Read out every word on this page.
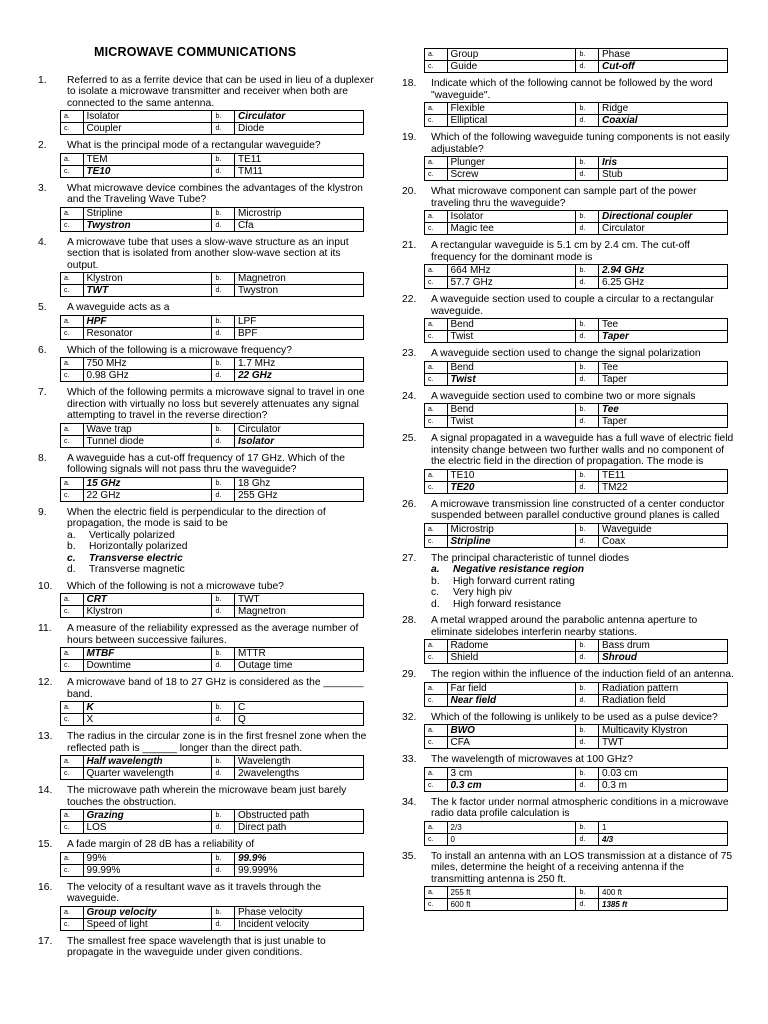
MICROWAVE COMMUNICATIONS
1.	Referred to as a ferrite device that can be used in lieu of a duplexer to isolate a microwave transmitter and receiver when both are connected to the same antenna.
a.	Isolator	b.	Circulator
c.	Coupler	d.	Diode
2.	What is the principal mode of a rectangular waveguide?
a.	TEM	b.	TE11
c.	TE10	d.	TM11
3.	What microwave device combines the advantages of the klystron and the Traveling Wave Tube?
a.	Stripline	b.	Microstrip
c.	Twystron	d.	Cfa
4.	A microwave tube that uses a slow-wave structure as an input section that is isolated from another slow-wave section at its output.
a.	Klystron	b.	Magnetron
c.	TWT	d.	Twystron
5.	A waveguide acts as a
a.	HPF	b.	LPF
c.	Resonator	d.	BPF
6.	Which of the following is a microwave frequency?
a.	750 MHz	b.	1.7 MHz
c.	0.98 GHz	d.	22 GHz
7.	Which of the following permits a microwave signal to travel in one direction with virtually no loss but severely attenuates any signal attempting to travel in the reverse direction?
a.	Wave trap	b.	Circulator
c.	Tunnel diode	d.	Isolator
8.	A waveguide has a cut-off frequency of 17 GHz. Which of the following signals will not pass thru the waveguide?
a.	15 GHz	b.	18 Ghz
c.	22 GHz	d.	255 GHz
9.	When the electric field is perpendicular to the direction of propagation, the mode is said to be
a.	Vertically polarized
b.	Horizontally polarized
c.	Transverse electric
d.	Transverse magnetic
10.	Which of the following is not a microwave tube?
a.	CRT	b.	TWT
c.	Klystron	d.	Magnetron
11.	A measure of the reliability expressed as the average number of hours between successive failures.
a.	MTBF	b.	MTTR
c.	Downtime	d.	Outage time
12.	A microwave band of 18 to 27 GHz is considered as the _______ band.
a.	K	b.	C
c.	X	d.	Q
13.	The radius in the circular zone is in the first fresnel zone when the reflected path is ______ longer than the direct path.
a.	Half wavelength	b.	Wavelength
c.	Quarter wavelength	d.	2wavelengths
14.	The microwave path wherein the microwave beam just barely touches the obstruction.
a.	Grazing	b.	Obstructed path
c.	LOS	d.	Direct path
15.	A fade margin of 28 dB has a reliability of
a.	99%	b.	99.9%
c.	99.99%	d.	99.999%
16.	The velocity of a resultant wave as it travels through the waveguide.
a.	Group velocity	b.	Phase velocity
c.	Speed of light	d.	Incident velocity
17.	The smallest free space wavelength that is just unable to propagate in the waveguide under given conditions.
a.	Group	b.	Phase
c.	Guide	d.	Cut-off
18.	Indicate which of the following cannot be followed by the word "waveguide".
a.	Flexible	b.	Ridge
c.	Elliptical	d.	Coaxial
19.	Which of the following waveguide tuning components is not easily adjustable?
a.	Plunger	b.	Iris
c.	Screw	d.	Stub
20.	What microwave component can sample part of the power traveling thru the waveguide?
a.	Isolator	b.	Directional coupler
c.	Magic tee	d.	Circulator
21.	A rectangular waveguide is 5.1 cm by 2.4 cm. The cut-off frequency for the dominant mode is
a.	664 MHz	b.	2.94 GHz
c.	57.7 GHz	d.	6.25 GHz
22.	A waveguide section used to couple a circular to a rectangular waveguide.
a.	Bend	b.	Tee
c.	Twist	d.	Taper
23.	A waveguide section used to change the signal polarization
a.	Bend	b.	Tee
c.	Twist	d.	Taper
24.	A waveguide section used to combine two or more signals
a.	Bend	b.	Tee
c.	Twist	d.	Taper
25.	A signal propagated in a waveguide has a full wave of electric field intensity change between two further walls and no component of the electric field in the direction of propagation. The mode is
a.	TE10	b.	TE11
c.	TE20	d.	TM22
26.	A microwave transmission line constructed of a center conductor suspended between parallel conductive ground planes is called
a.	Microstrip	b.	Waveguide
c.	Stripline	d.	Coax
27.	The principal characteristic of tunnel diodes
a.	Negative resistance region
b.	High forward current rating
c.	Very high piv
d.	High forward resistance
28.	A metal wrapped around the parabolic antenna aperture to eliminate sidelobes interferin nearby stations.
a.	Radome	b.	Bass drum
c.	Shield	d.	Shroud
29.	The region within the influence of the induction field of an antenna.
a.	Far field	b.	Radiation pattern
c.	Near field	d.	Radiation field
32.	Which of the following is unlikely to be used as a pulse device?
a.	BWO	b.	Multicavity Klystron
c.	CFA	d.	TWT
33.	The wavelength of microwaves at 100 GHz?
a.	3 cm	b.	0.03 cm
c.	0.3 cm	d.	0.3 m
34.	The k factor under normal atmospheric conditions in a microwave radio data profile calculation is
a.	2/3	b.	1
c.	0	d.	4/3
35.	To install an antenna with an LOS transmission at a distance of 75 miles, determine the height of a receiving antenna if the transmitting antenna is 250 ft.
a.	255 ft	b.	400 ft
c.	600 ft	d.	1385 ft
